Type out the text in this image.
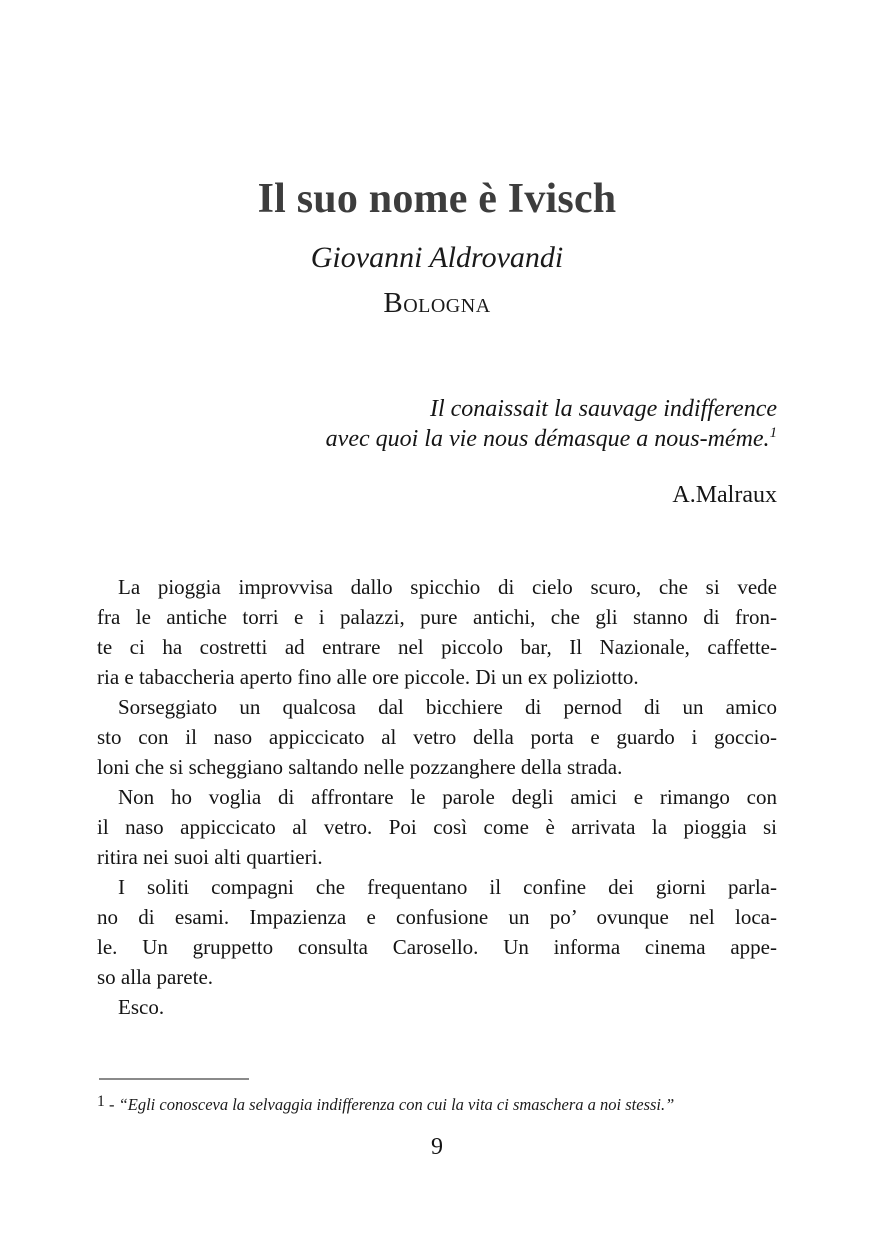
Il suo nome è Ivisch
Giovanni Aldrovandi
Bologna
Il conaissait la sauvage indifference
avec quoi la vie nous démasque a nous-méme.$^1$
A.Malraux
La pioggia improvvisa dallo spicchio di cielo scuro, che si vede
fra le antiche torri e i palazzi, pure antichi, che gli stanno di fron-
te ci ha costretti ad entrare nel piccolo bar, Il Nazionale, caffette-
ria e tabaccheria aperto fino alle ore piccole. Di un ex poliziotto.
Sorseggiato un qualcosa dal bicchiere di pernod di un amico
sto con il naso appiccicato al vetro della porta e guardo i goccio-
loni che si scheggiano saltando nelle pozzanghere della strada.
Non ho voglia di affrontare le parole degli amici e rimango con
il naso appiccicato al vetro. Poi così come è arrivata la pioggia si
ritira nei suoi alti quartieri.
I soliti compagni che frequentano il confine dei giorni parla-
no di esami. Impazienza e confusione un po’ ovunque nel loca-
le. Un gruppetto consulta Carosello. Un informa cinema appe-
so alla parete.
Esco.
1 - “Egli conosceva la selvaggia indifferenza con cui la vita ci smaschera a noi stessi.”
9
